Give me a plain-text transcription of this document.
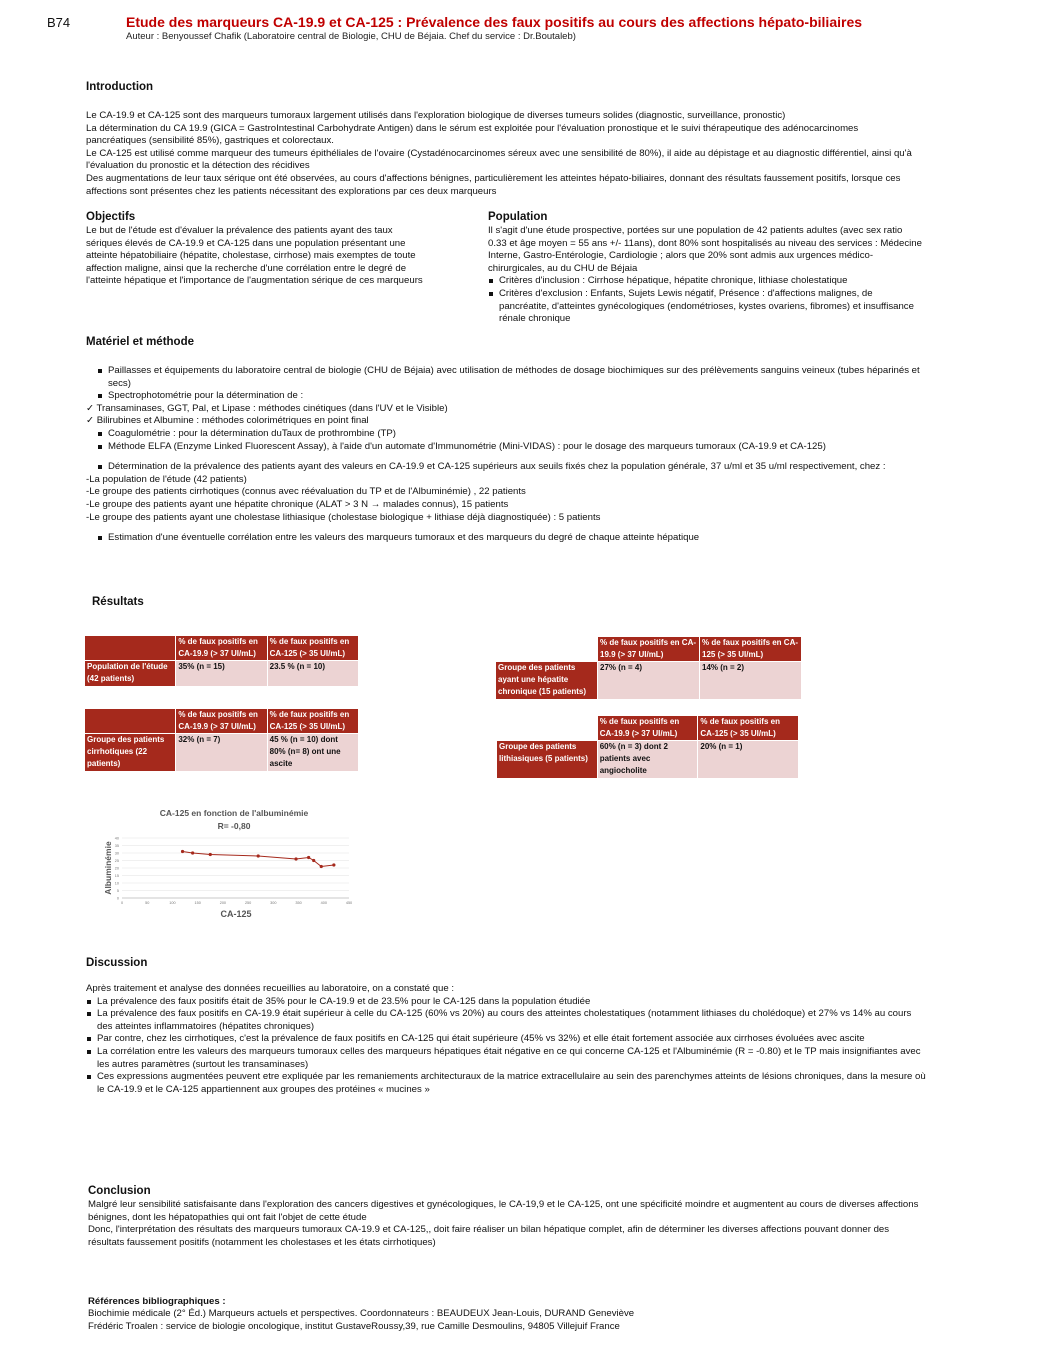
B74	Etude des marqueurs CA-19.9 et CA-125 : Prévalence des faux positifs au cours des affections hépato-biliaires
Auteur : Benyoussef Chafik (Laboratoire central de Biologie, CHU de Béjaia. Chef du service : Dr.Boutaleb)
Introduction

Le CA-19.9 et CA-125 sont des marqueurs tumoraux largement utilisés dans l'exploration biologique de diverses tumeurs solides (diagnostic, surveillance, pronostic)

La détermination du CA 19.9 (GICA = GastroIntestinal Carbohydrate Antigen) dans le sérum est exploitée pour l'évaluation pronostique et le suivi thérapeutique des adénocarcinomes pancréatiques (sensibilité 85%), gastriques et colorectaux.

Le CA-125 est utilisé comme marqueur des tumeurs épithéliales de l'ovaire (Cystadénocarcinomes séreux avec une sensibilité de 80%), il aide au dépistage et au diagnostic différentiel, ainsi qu'à l'évaluation du pronostic et la détection des récidives

Des augmentations de leur taux sérique ont été observées, au cours d'affections bénignes, particulièrement les atteintes hépato-biliaires, donnant des résultats faussement positifs, lorsque ces affections sont présentes chez les patients nécessitant des explorations par ces deux marqueurs

Objectifs
Le but de l'étude est d'évaluer la prévalence des patients ayant des taux sériques élevés de CA-19.9 et CA-125 dans une population présentant une atteinte hépatobiliaire (hépatite, cholestase, cirrhose) mais exemptes de toute affection maligne, ainsi que la recherche d'une corrélation entre le degré de l'atteinte hépatique et l'importance de l'augmentation sérique de ces marqueurs
Population

Il s'agit d'une étude prospective, portées sur une population de 42 patients adultes (avec sex ratio 0.33 et âge moyen = 55 ans +/- 11ans), dont 80% sont hospitalisés au niveau des services : Médecine Interne, Gastro-Entérologie, Cardiologie ; alors que 20% sont admis aux urgences médico-chirurgicales, au du CHU de Béjaia

Critères d'inclusion : Cirrhose hépatique, hépatite chronique, lithiase cholestatique
Critères d'exclusion : Enfants, Sujets Lewis négatif, Présence : d'affections malignes, de pancréatite, d'atteintes gynécologiques (endométrioses, kystes ovariens, fibromes) et insuffisance rénale chronique
Matériel et méthode
Paillasses et équipements du laboratoire central de biologie (CHU de Béjaia) avec utilisation de méthodes de dosage biochimiques sur des prélèvements sanguins veineux (tubes héparinés et secs)
Spectrophotométrie pour la détermination de :

✓ Transaminases, GGT, Pal, et Lipase : méthodes cinétiques (dans l'UV et le Visible)

✓ Bilirubines et Albumine : méthodes colorimétriques en point final

Coagulométrie : pour la détermination duTaux de prothrombine (TP)
Méthode ELFA (Enzyme Linked Fluorescent Assay), à l'aide d'un automate d'Immunométrie (Mini-VIDAS) : pour le dosage des marqueurs tumoraux (CA-19.9 et CA-125)
Détermination de la prévalence des patients ayant des valeurs en CA-19.9 et CA-125 supérieurs aux seuils fixés chez la population générale, 37 u/ml et 35 u/ml respectivement, chez :

-La population de l'étude (42 patients)

-Le groupe des patients cirrhotiques (connus avec réévaluation du TP et de l'Albuminémie) , 22 patients

-Le groupe des patients ayant une hépatite chronique (ALAT > 3 N → malades connus), 15 patients

-Le groupe des patients ayant une cholestase lithiasique (cholestase biologique + lithiase déjà diagnostiquée) : 5 patients

Estimation d'une éventuelle corrélation entre les valeurs des marqueurs tumoraux et des marqueurs du degré de chaque atteinte hépatique
Résultats
	% de faux positifs en CA-19.9 (> 37 UI/mL)	% de faux positifs en CA-125 (> 35 UI/mL)
Population de l'étude (42 patients)	35% (n = 15)	23.5 % (n = 10)
	% de faux positifs en CA-19.9 (> 37 UI/mL)	% de faux positifs en CA-125 (> 35 UI/mL)
Groupe des patients cirrhotiques (22 patients)	32% (n = 7)	45 % (n = 10) dont 80% (n= 8) ont une ascite
	% de faux positifs en CA-19.9 (> 37 UI/mL)	% de faux positifs en CA-125 (> 35 UI/mL)
Groupe des patients ayant une hépatite chronique (15 patients)	27% (n = 4)	14% (n = 2)
	% de faux positifs en CA-19.9 (> 37 UI/mL)	% de faux positifs en CA-125 (> 35 UI/mL)
Groupe des patients lithiasiques (5 patients)	60% (n = 3) dont 2 patients avec angiocholite	20% (n = 1)
CA-125 en fonction de l'albuminémie
R= -0,80
0
5
10
15
20
25
30
35
40
0	50	100	150	200	250	300	350	400	450
CA-125
Albuminémie
Discussion

Après traitement et analyse des données recueillies au laboratoire, on a constaté que :

La prévalence des faux positifs était de 35% pour le CA-19.9 et de 23.5% pour le CA-125 dans la population étudiée
La prévalence des faux positifs en CA-19.9 était supérieur à celle du CA-125 (60% vs 20%) au cours des atteintes cholestatiques (notamment lithiases du cholédoque) et 27% vs 14% au cours des atteintes inflammatoires (hépatites chroniques)
Par contre, chez les cirrhotiques, c'est la prévalence de faux positifs en CA-125 qui était supérieure (45% vs 32%) et elle était fortement associée aux cirrhoses évoluées avec ascite
La corrélation entre les valeurs des marqueurs tumoraux celles des marqueurs hépatiques était négative en ce qui concerne CA-125 et l'Albuminémie (R = -0.80) et le TP mais insignifiantes avec les autres paramètres (surtout les transaminases)
Ces expressions augmentées peuvent etre expliquée par les remaniements architecturaux de la matrice extracellulaire au sein des parenchymes atteints de lésions chroniques, dans la mesure où le CA-19.9 et le CA-125 appartiennent aux groupes des protéines « mucines »
Conclusion

Malgré leur sensibilité satisfaisante dans l'exploration des cancers digestives et gynécologiques, le CA-19,9 et le CA-125, ont une spécificité moindre et augmentent au cours de diverses affections bénignes, dont les hépatopathies qui ont fait l'objet de cette étude

Donc, l'interprétation des résultats des marqueurs tumoraux CA-19.9 et CA-125,, doit faire réaliser un bilan hépatique complet, afin de déterminer les diverses affections pouvant donner des résultats faussement positifs (notamment les cholestases et les états cirrhotiques)

Références bibliographiques :

Biochimie médicale (2° Éd.) Marqueurs actuels et perspectives. Coordonnateurs : BEAUDEUX Jean-Louis, DURAND Geneviève

Frédéric Troalen : service de biologie oncologique, institut GustaveRoussy,39, rue Camille Desmoulins, 94805 Villejuif France
